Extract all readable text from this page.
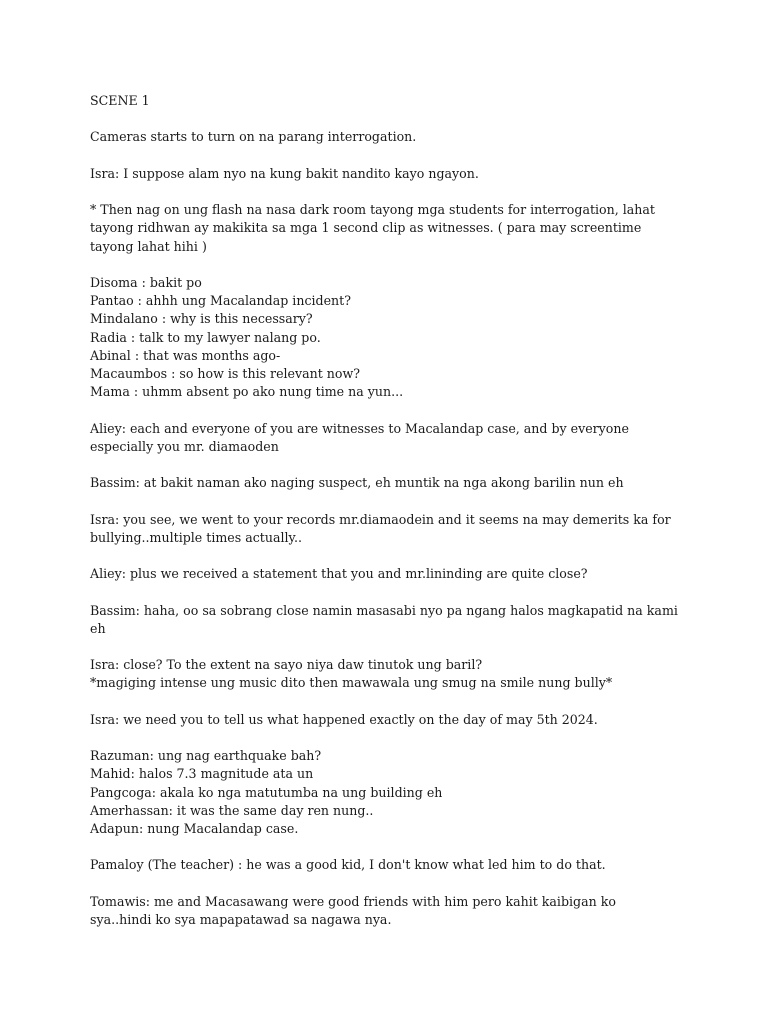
SCENE 1
Cameras starts to turn on na parang interrogation.
Isra: I suppose alam nyo na kung bakit nandito kayo ngayon.
* Then nag on ung flash na nasa dark room tayong mga students for interrogation, lahat
tayong ridhwan ay makikita sa mga 1 second clip as witnesses. ( para may screentime
tayong lahat hihi )
Disoma : bakit po
Pantao : ahhh ung Macalandap incident?
Mindalano : why is this necessary?
Radia : talk to my lawyer nalang po.
Abinal : that was months ago-
Macaumbos : so how is this relevant now?
Mama : uhmm absent po ako nung time na yun...
Aliey: each and everyone of you are witnesses to Macalandap case, and by everyone
especially you mr. diamaoden
Bassim: at bakit naman ako naging suspect, eh muntik na nga akong barilin nun eh
Isra: you see, we went to your records mr.diamaodein and it seems na may demerits ka for
bullying..multiple times actually..
Aliey: plus we received a statement that you and mr.lininding are quite close?
Bassim: haha, oo sa sobrang close namin masasabi nyo pa ngang halos magkapatid na kami
eh
Isra: close? To the extent na sayo niya daw tinutok ung baril?
*magiging intense ung music dito then mawawala ung smug na smile nung bully*
Isra: we need you to tell us what happened exactly on the day of may 5th 2024.
Razuman: ung nag earthquake bah?
Mahid: halos 7.3 magnitude ata un
Pangcoga: akala ko nga matutumba na ung building eh
Amerhassan: it was the same day ren nung..
Adapun: nung Macalandap case.
Pamaloy (The teacher) : he was a good kid, I don't know what led him to do that.
Tomawis: me and Macasawang were good friends with him pero kahit kaibigan ko
sya..hindi ko sya mapapatawad sa nagawa nya.
